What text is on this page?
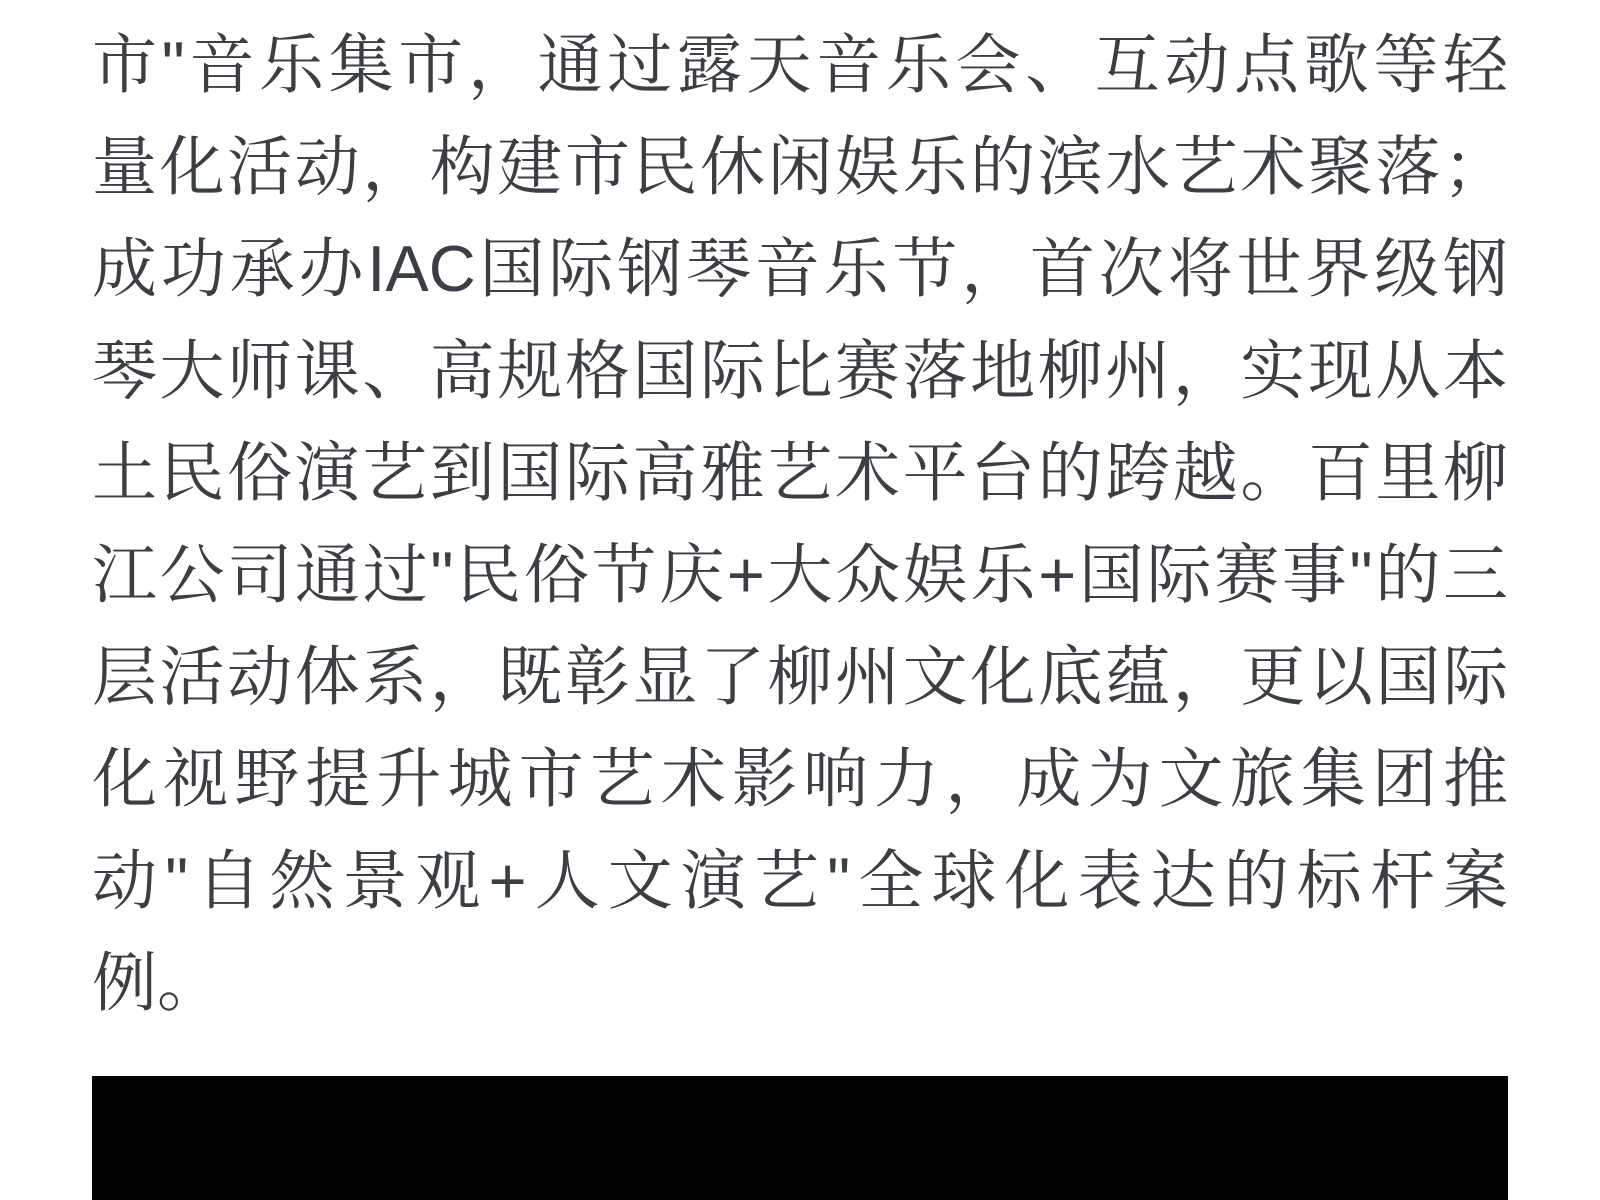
市"音乐集市，通过露天音乐会、互动点歌等轻
量化活动，构建市民休闲娱乐的滨水艺术聚落；
成功承办IAC国际钢琴音乐节，首次将世界级钢
琴大师课、高规格国际比赛落地柳州，实现从本
土民俗演艺到国际高雅艺术平台的跨越。百里柳
江公司通过"民俗节庆+大众娱乐+国际赛事"的三
层活动体系，既彰显了柳州文化底蕴，更以国际
化视野提升城市艺术影响力，成为文旅集团推
动"自然景观+人文演艺"全球化表达的标杆案
例。
